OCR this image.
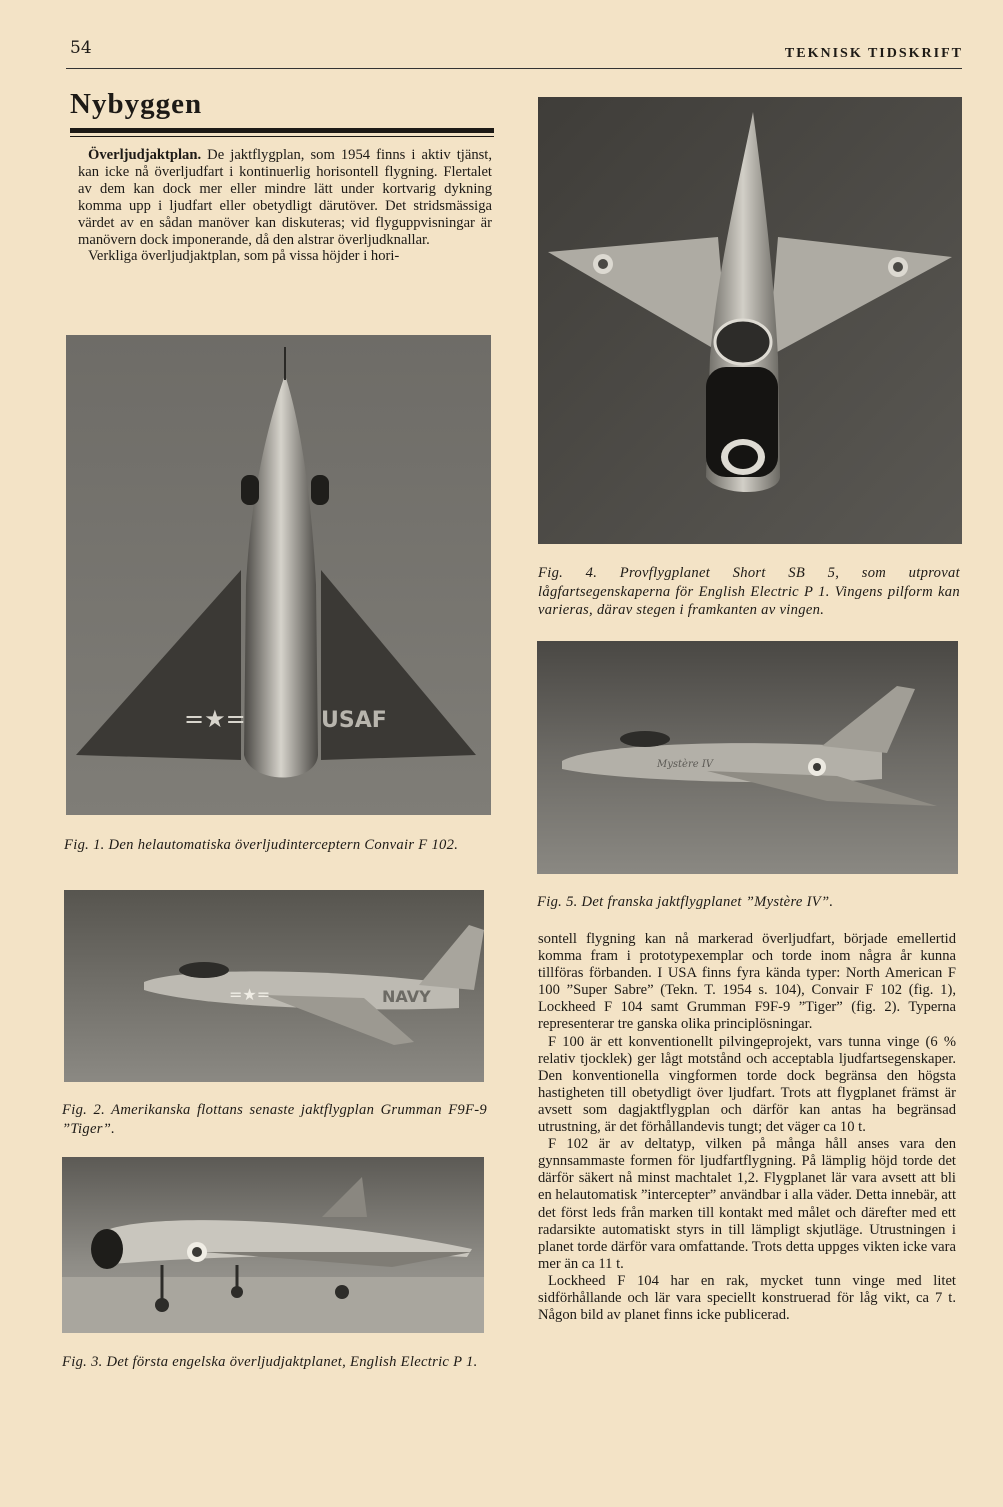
54	TEKNISK TIDSKRIFT
Nybyggen

Överljudjaktplan. De jaktflygplan, som 1954 finns i aktiv tjänst, kan icke nå överljudfart i kontinuerlig horisontell flygning. Flertalet av dem kan dock mer eller mindre lätt under kortvarig dykning komma upp i ljudfart eller obetydligt därutöver. Det stridsmässiga värdet av en sådan manöver kan diskuteras; vid flyguppvisningar är manövern dock imponerande, då den alstrar överljudknallar.

Verkliga överljudjaktplan, som på vissa höjder i hori-

=★=	USAF

Fig. 1. Den helautomatiska överljudinterceptern Convair F 102.

=★=	NAVY

Fig. 2. Amerikanska flottans senaste jaktflygplan Grumman F9F-9 ”Tiger”.

Fig. 3. Det första engelska överljudjaktplanet, English Electric P 1.

Fig. 4. Provflygplanet Short SB 5, som utprovat lågfartsegenskaperna för English Electric P 1. Vingens pilform kan varieras, därav stegen i framkanten av vingen.

Mystère IV

Fig. 5. Det franska jaktflygplanet ”Mystère IV”.

sontell flygning kan nå markerad överljudfart, började emellertid komma fram i prototypexemplar och torde inom några år kunna tillföras förbanden. I USA finns fyra kända typer: North American F 100 ”Super Sabre” (Tekn. T. 1954 s. 104), Convair F 102 (fig. 1), Lockheed F 104 samt Grumman F9F-9 ”Tiger” (fig. 2). Typerna representerar tre ganska olika principlösningar.

F 100 är ett konventionellt pilvingeprojekt, vars tunna vinge (6 % relativ tjocklek) ger lågt motstånd och acceptabla ljudfartsegenskaper. Den konventionella vingformen torde dock begränsa den högsta hastigheten till obetydligt över ljudfart. Trots att flygplanet främst är avsett som dagjaktflygplan och därför kan antas ha begränsad utrustning, är det förhållandevis tungt; det väger ca 10 t.

F 102 är av deltatyp, vilken på många håll anses vara den gynnsammaste formen för ljudfartflygning. På lämplig höjd torde det därför säkert nå minst machtalet 1,2. Flygplanet lär vara avsett att bli en helautomatisk ”intercepter” användbar i alla väder. Detta innebär, att det först leds från marken till kontakt med målet och därefter med ett radarsikte automatiskt styrs in till lämpligt skjutläge. Utrustningen i planet torde därför vara omfattande. Trots detta uppges vikten icke vara mer än ca 11 t.

Lockheed F 104 har en rak, mycket tunn vinge med litet sidförhållande och lär vara speciellt konstruerad för låg vikt, ca 7 t. Någon bild av planet finns icke publicerad.
